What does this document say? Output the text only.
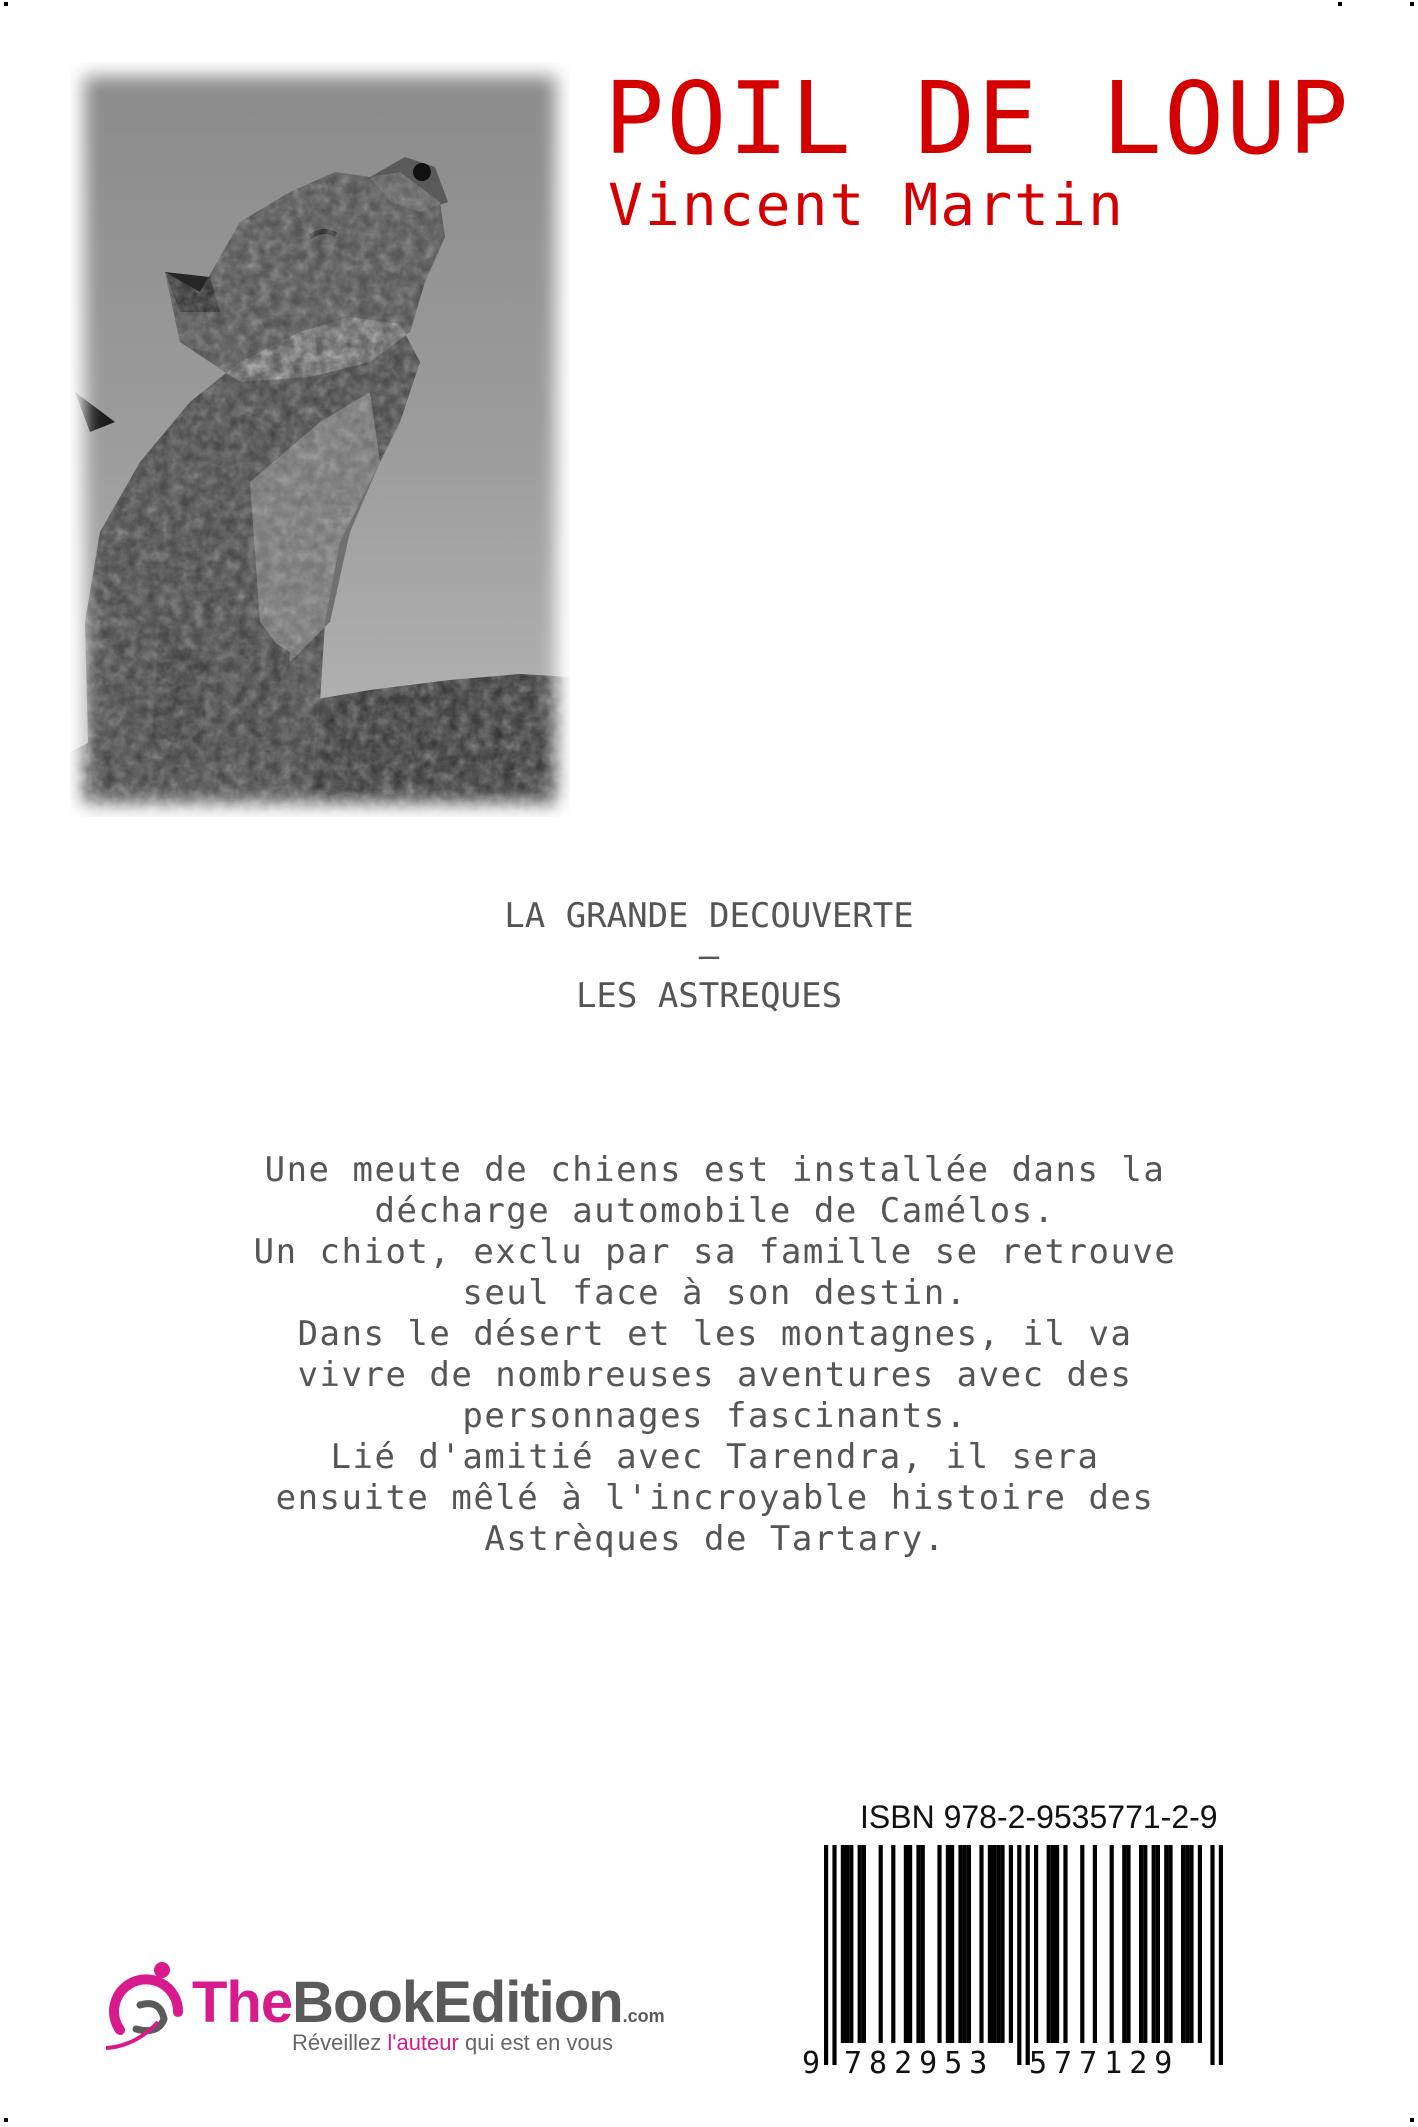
POIL DE LOUP
Vincent Martin
LA GRANDE DECOUVERTE
–
LES ASTREQUES

Une meute de chiens est installée dans la décharge automobile de Camélos.

Un chiot, exclu par sa famille se retrouve seul face à son destin.

Dans le désert et les montagnes, il va vivre de nombreuses aventures avec des personnages fascinants.

Lié d'amitié avec Tarendra, il sera ensuite mêlé à l'incroyable histoire des Astrèques de Tartary.

ISBN 978-2-9535771-2-9
9 782953 577129
TheBookEdition.com
Réveillez l'auteur qui est en vous
